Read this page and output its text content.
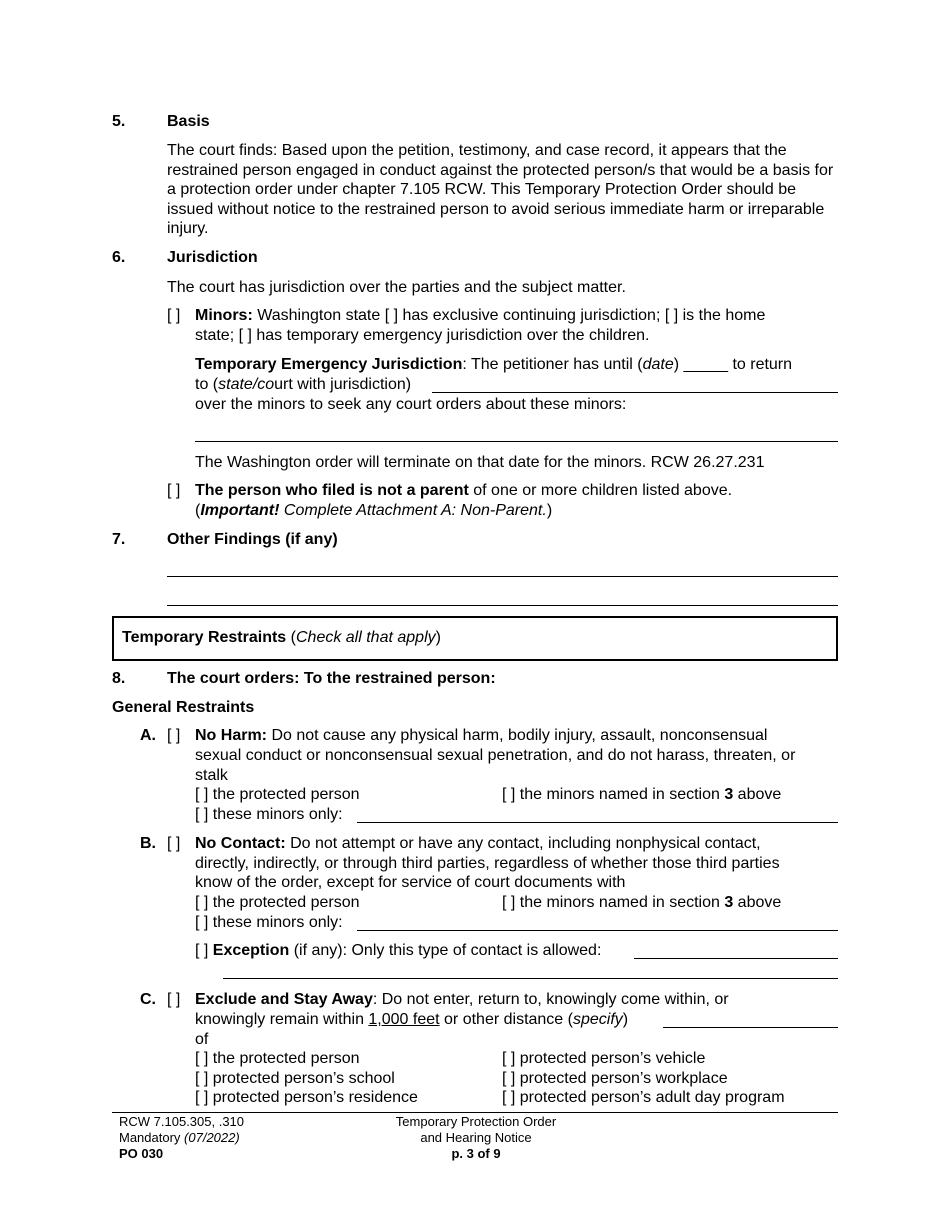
5.	Basis
The court finds: Based upon the petition, testimony, and case record, it appears that the restrained person engaged in conduct against the protected person/s that would be a basis for a protection order under chapter 7.105 RCW. This Temporary Protection Order should be issued without notice to the restrained person to avoid serious immediate harm or irreparable injury.
6.	Jurisdiction
The court has jurisdiction over the parties and the subject matter.
[ ] Minors: Washington state [ ] has exclusive continuing jurisdiction; [ ] is the home
state; [ ] has temporary emergency jurisdiction over the children.
Temporary Emergency Jurisdiction: The petitioner has until (date) _____ to return
to (state/court with jurisdiction)
over the minors to seek any court orders about these minors:
The Washington order will terminate on that date for the minors. RCW 26.27.231
[ ] The person who filed is not a parent of one or more children listed above.
(Important! Complete Attachment A: Non-Parent.)
7.	Other Findings (if any)
Temporary Restraints (Check all that apply)
8.	The court orders: To the restrained person:
General Restraints
A. [ ] No Harm: Do not cause any physical harm, bodily injury, assault, nonconsensual
sexual conduct or nonconsensual sexual penetration, and do not harass, threaten, or
stalk
[ ] the protected person	[ ] the minors named in section 3 above
[ ] these minors only:
B. [ ] No Contact: Do not attempt or have any contact, including nonphysical contact,
directly, indirectly, or through third parties, regardless of whether those third parties
know of the order, except for service of court documents with
[ ] the protected person	[ ] the minors named in section 3 above
[ ] these minors only:
[ ] Exception (if any): Only this type of contact is allowed:
C. [ ] Exclude and Stay Away: Do not enter, return to, knowingly come within, or
knowingly remain within 1,000 feet or other distance (specify)
of
[ ] the protected person	[ ] protected person’s vehicle
[ ] protected person’s school	[ ] protected person’s workplace
[ ] protected person’s residence	[ ] protected person’s adult day program
RCW 7.105.305, .310
Mandatory (07/2022)
PO 030
Temporary Protection Order
and Hearing Notice
p. 3 of 9
